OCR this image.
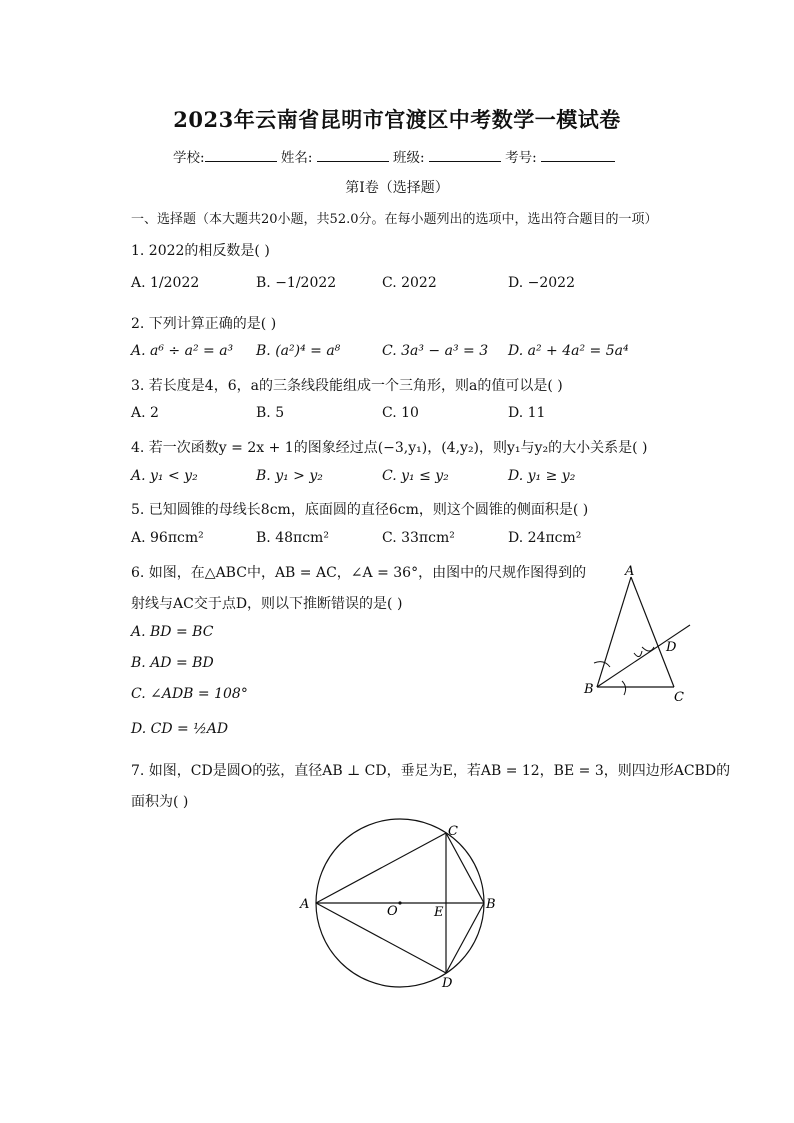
2023年云南省昆明市官渡区中考数学一模试卷
学校:	姓名:	班级:	考号:
第Ⅰ卷（选择题）
一、选择题（本大题共20小题，共52.0分。在每小题列出的选项中，选出符合题目的一项）
1. 2022的相反数是( )
A. 1/2022	B. −1/2022	C. 2022	D. −2022
2. 下列计算正确的是( )
A. a⁶ ÷ a² = a³ B. (a²)⁴ = a⁸	C. 3a³ − a³ = 3 D. a² + 4a² = 5a⁴
3. 若长度是4，6，a的三条线段能组成一个三角形，则a的值可以是( )
A. 2	B. 5	C. 10	D. 11
4. 若一次函数y = 2x + 1的图象经过点(−3,y₁)，(4,y₂)，则y₁与y₂的大小关系是( )
A. y₁ < y₂	B. y₁ > y₂	C. y₁ ≤ y₂	D. y₁ ≥ y₂
5. 已知圆锥的母线长8cm，底面圆的直径6cm，则这个圆锥的侧面积是( )
A. 96πcm²	B. 48πcm²	C. 33πcm²	D. 24πcm²
6. 如图，在△ABC中，AB = AC，∠A = 36°，由图中的尺规作图得到的
射线与AC交于点D，则以下推断错误的是( )
A. BD = BC
B. AD = BD
C. ∠ADB = 108°
D. CD = ½AD
A
B
C
D
7. 如图，CD是圆O的弦，直径AB ⊥ CD，垂足为E，若AB = 12，BE = 3，则四边形ACBD的
面积为( )
A	B
C
D
O	E
